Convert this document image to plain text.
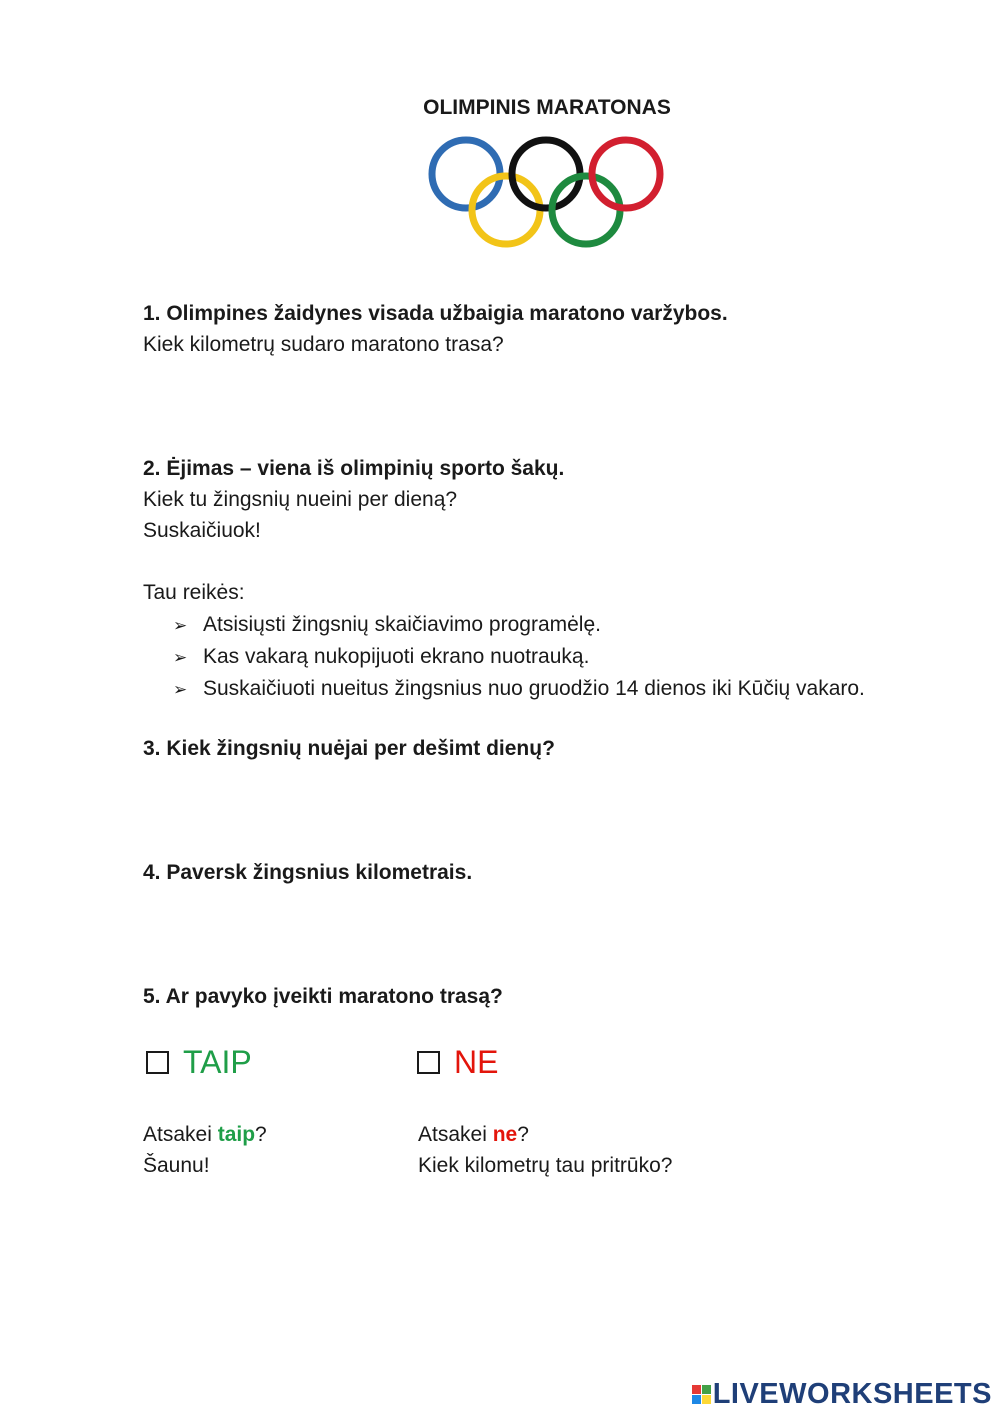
OLIMPINIS MARATONAS
1. Olimpines žaidynes visada užbaigia maratono varžybos.
Kiek kilometrų sudaro maratono trasa?
2. Ėjimas – viena iš olimpinių sporto šakų.
Kiek tu žingsnių nueini per dieną?
Suskaičiuok!
Tau reikės:
➢ Atsisiųsti žingsnių skaičiavimo programėlę.
➢ Kas vakarą nukopijuoti ekrano nuotrauką.
➢ Suskaičiuoti nueitus žingsnius nuo gruodžio 14 dienos iki Kūčių vakaro.
3. Kiek žingsnių nuėjai per dešimt dienų?
4. Paversk žingsnius kilometrais.
5. Ar pavyko įveikti maratono trasą?
TAIP	NE
Atsakei taip?
Šaunu!
Atsakei ne?
Kiek kilometrų tau pritrūko?
LIVEWORKSHEETS
